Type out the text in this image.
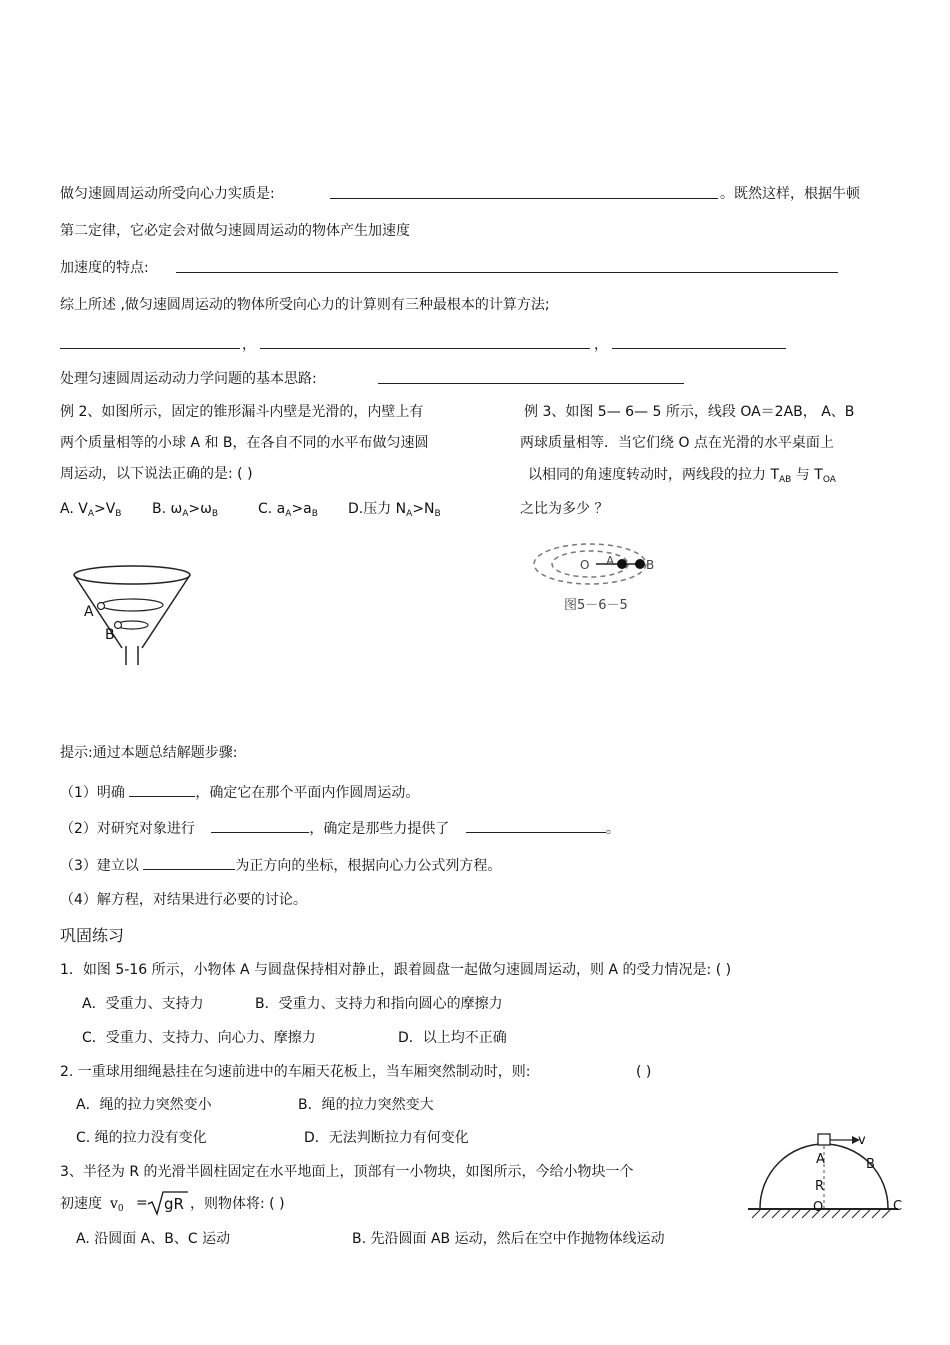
做匀速圆周运动所受向心力实质是:	。既然这样，根据牛顿
第二定律，它必定会对做匀速圆周运动的物体产生加速度
加速度的特点:
综上所述 ,做匀速圆周运动的物体所受向心力的计算则有三种最根本的计算方法;
，	，
处理匀速圆周运动动力学问题的基本思路:
例 2、如图所示，固定的锥形漏斗内壁是光滑的，内壁上有
两个质量相等的小球 A 和 B，在各自不同的水平布做匀速圆
周运动，以下说法正确的是: ( )
A. $V_A>V_B$ B. $\omega_A>\omega_B$	C. $a_A>a_B$ D.压力 $N_A>N_B$
A
B
例 3、如图 5— 6— 5 所示，线段 OA＝2AB， A、B
两球质量相等．当它们绕 O 点在光滑的水平桌面上
以相同的角速度转动时，两线段的拉力 $T_{AB}$ 与 $T_{OA}$
之比为多少 ？
O A	B
图5－6－5
提示:通过本题总结解题步骤:
（1）明确	，确定它在那个平面内作圆周运动。
（2）对研究对象进行	，确定是那些力提供了	。
（3）建立以	为正方向的坐标，根据向心力公式列方程。
（4）解方程，对结果进行必要的讨论。
巩固练习
1．如图 5-16 所示，小物体 A 与圆盘保持相对静止，跟着圆盘一起做匀速圆周运动，则 A 的受力情况是: ( )
A．受重力、支持力	B．受重力、支持力和指向圆心的摩擦力
C．受重力、支持力、向心力、摩擦力	D．以上均不正确
2. 一重球用细绳悬挂在匀速前进中的车厢天花板上，当车厢突然制动时，则:	( )
A．绳的拉力突然变小	B．绳的拉力突然变大
C. 绳的拉力没有变化	D．无法判断拉力有何变化
3、半径为 R 的光滑半圆柱固定在水平地面上，顶部有一小物块，如图所示，今给小物块一个
初速度 $v_0$ = gR ，则物体将: ( )
A. 沿圆面 A、B、C 运动	B. 先沿圆面 AB 运动，然后在空中作抛物体线运动
v
A	B
R
O	C
